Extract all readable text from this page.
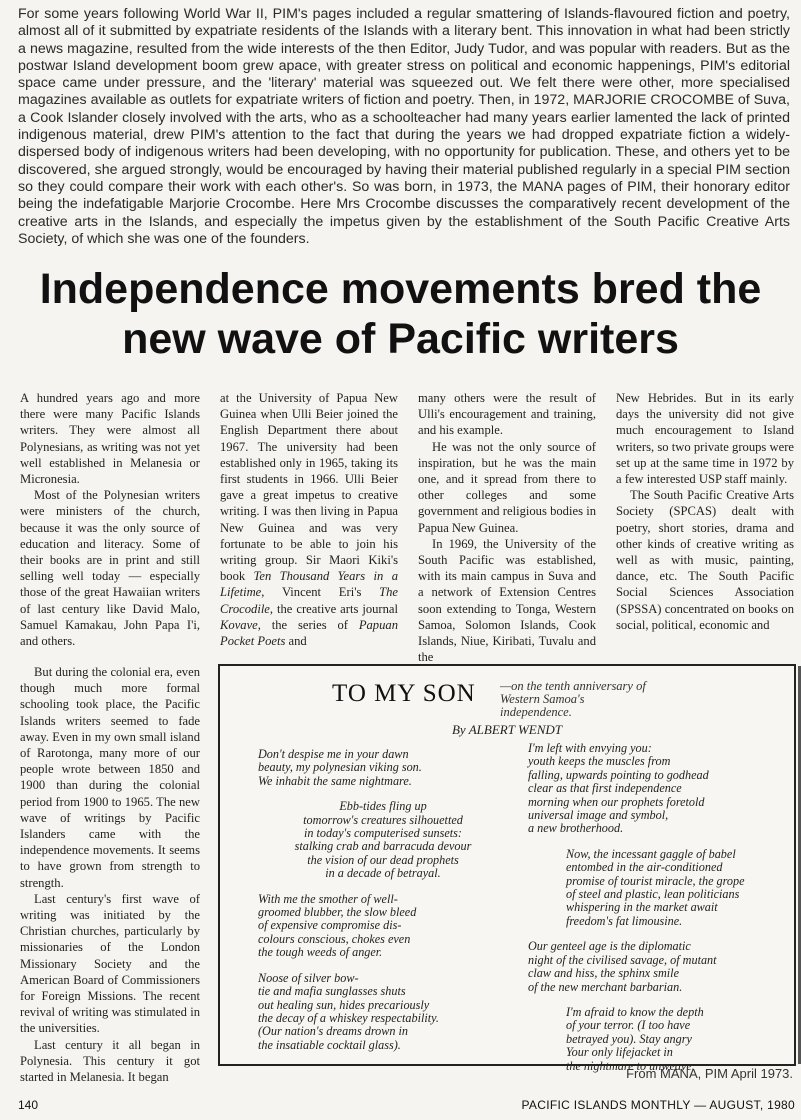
For some years following World War II, PIM's pages included a regular smattering of Islands-flavoured fiction and poetry, almost all of it submitted by expatriate residents of the Islands with a literary bent. This innovation in what had been strictly a news magazine, resulted from the wide interests of the then Editor, Judy Tudor, and was popular with readers. But as the postwar Island development boom grew apace, with greater stress on political and economic happenings, PIM's editorial space came under pressure, and the 'literary' material was squeezed out. We felt there were other, more specialised magazines available as outlets for expatriate writers of fiction and poetry. Then, in 1972, MARJORIE CROCOMBE of Suva, a Cook Islander closely involved with the arts, who as a schoolteacher had many years earlier lamented the lack of printed indigenous material, drew PIM's attention to the fact that during the years we had dropped expatriate fiction a widely-dispersed body of indigenous writers had been developing, with no opportunity for publication. These, and others yet to be discovered, she argued strongly, would be encouraged by having their material published regularly in a special PIM section so they could compare their work with each other's. So was born, in 1973, the MANA pages of PIM, their honorary editor being the indefatigable Marjorie Crocombe. Here Mrs Crocombe discusses the comparatively recent development of the creative arts in the Islands, and especially the impetus given by the establishment of the South Pacific Creative Arts Society, of which she was one of the founders.

Independence movements bred the
new wave of Pacific writers

A hundred years ago and more there were many Pacific Islands writers. They were almost all Polynesians, as writing was not yet well established in Melanesia or Micronesia.

Most of the Polynesian writers were ministers of the church, because it was the only source of education and literacy. Some of their books are in print and still selling well today — especially those of the great Hawaiian writers of last century like David Malo, Samuel Kamakau, John Papa I'i, and others.

But during the colonial era, even though much more formal schooling took place, the Pacific Islands writers seemed to fade away. Even in my own small island of Rarotonga, many more of our people wrote between 1850 and 1900 than during the colonial period from 1900 to 1965. The new wave of writings by Pacific Islanders came with the independence movements. It seems to have grown from strength to strength.

Last century's first wave of writing was initiated by the Christian churches, particularly by missionaries of the London Missionary Society and the American Board of Commissioners for Foreign Missions. The recent revival of writing was stimulated in the universities.

Last century it all began in Polynesia. This century it got started in Melanesia. It began

at the University of Papua New Guinea when Ulli Beier joined the English Department there about 1967. The university had been established only in 1965, taking its first students in 1966. Ulli Beier gave a great impetus to creative writing. I was then living in Papua New Guinea and was very fortunate to be able to join his writing group. Sir Maori Kiki's book Ten Thousand Years in a Lifetime, Vincent Eri's The Crocodile, the creative arts journal Kovave, the series of Papuan Pocket Poets and

many others were the result of Ulli's encouragement and training, and his example.

He was not the only source of inspiration, but he was the main one, and it spread from there to other colleges and some government and religious bodies in Papua New Guinea.

In 1969, the University of the South Pacific was established, with its main campus in Suva and a network of Extension Centres soon extending to Tonga, Western Samoa, Solomon Islands, Cook Islands, Niue, Kiribati, Tuvalu and the

New Hebrides. But in its early days the university did not give much encouragement to Island writers, so two private groups were set up at the same time in 1972 by a few interested USP staff mainly.

The South Pacific Creative Arts Society (SPCAS) dealt with poetry, short stories, drama and other kinds of creative writing as well as with music, painting, dance, etc. The South Pacific Social Sciences Association (SPSSA) concentrated on books on social, political, economic and

TO MY SON —on the tenth anniversary of Western Samoa's independence.
By ALBERT WENDT
Don't despise me in your dawn
beauty, my polynesian viking son.
We inhabit the same nightmare.
Ebb-tides fling up
tomorrow's creatures silhouetted
in today's computerised sunsets:
stalking crab and barracuda devour
the vision of our dead prophets
in a decade of betrayal.
With me the smother of well-
groomed blubber, the slow bleed
of expensive compromise dis-
colours conscious, chokes even
the tough weeds of anger.
Noose of silver bow-
tie and mafia sunglasses shuts
out healing sun, hides precariously
the decay of a whiskey respectability.
(Our nation's dreams drown in
the insatiable cocktail glass).
I'm left with envying you:
youth keeps the muscles from
falling, upwards pointing to godhead
clear as that first independence
morning when our prophets foretold
universal image and symbol,
a new brotherhood.
Now, the incessant gaggle of babel
entombed in the air-conditioned
promise of tourist miracle, the grope
of steel and plastic, lean politicians
whispering in the market await
freedom's fat limousine.
Our genteel age is the diplomatic
night of the civilised savage, of mutant
claw and hiss, the sphinx smile
of the new merchant barbarian.
I'm afraid to know the depth
of your terror. (I too have
betrayed you). Stay angry
Your only lifejacket in
the nightmare to unweave.
From MANA, PIM April 1973.
140	PACIFIC ISLANDS MONTHLY — AUGUST, 1980
